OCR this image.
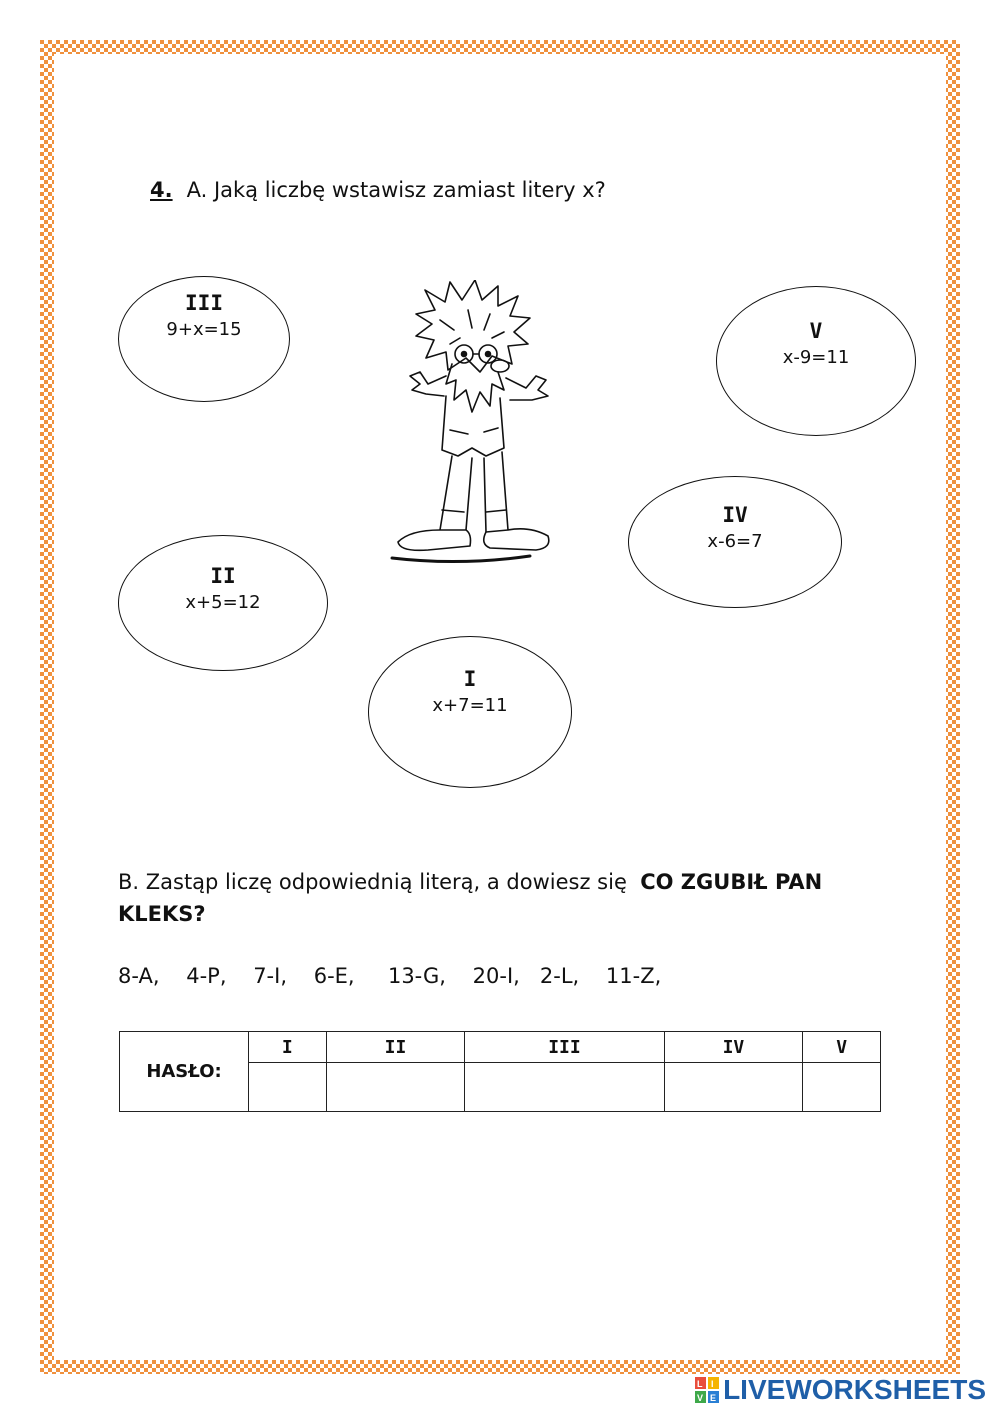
4. A. Jaką liczbę wstawisz zamiast litery x?
III
9+x=15	V
x-9=11
IV
x-6=7
II
x+5=12
I
x+7=11
B. Zastąp liczę odpowiednią literą, a dowiesz się CO ZGUBIŁ PAN KLEKS?
8-A,    4-P,    7-I,    6-E,     13-G,    20-I,   2-L,    11-Z,
HASŁO:	I	II	III	IV	V

L I
V E LIVEWORKSHEETS
